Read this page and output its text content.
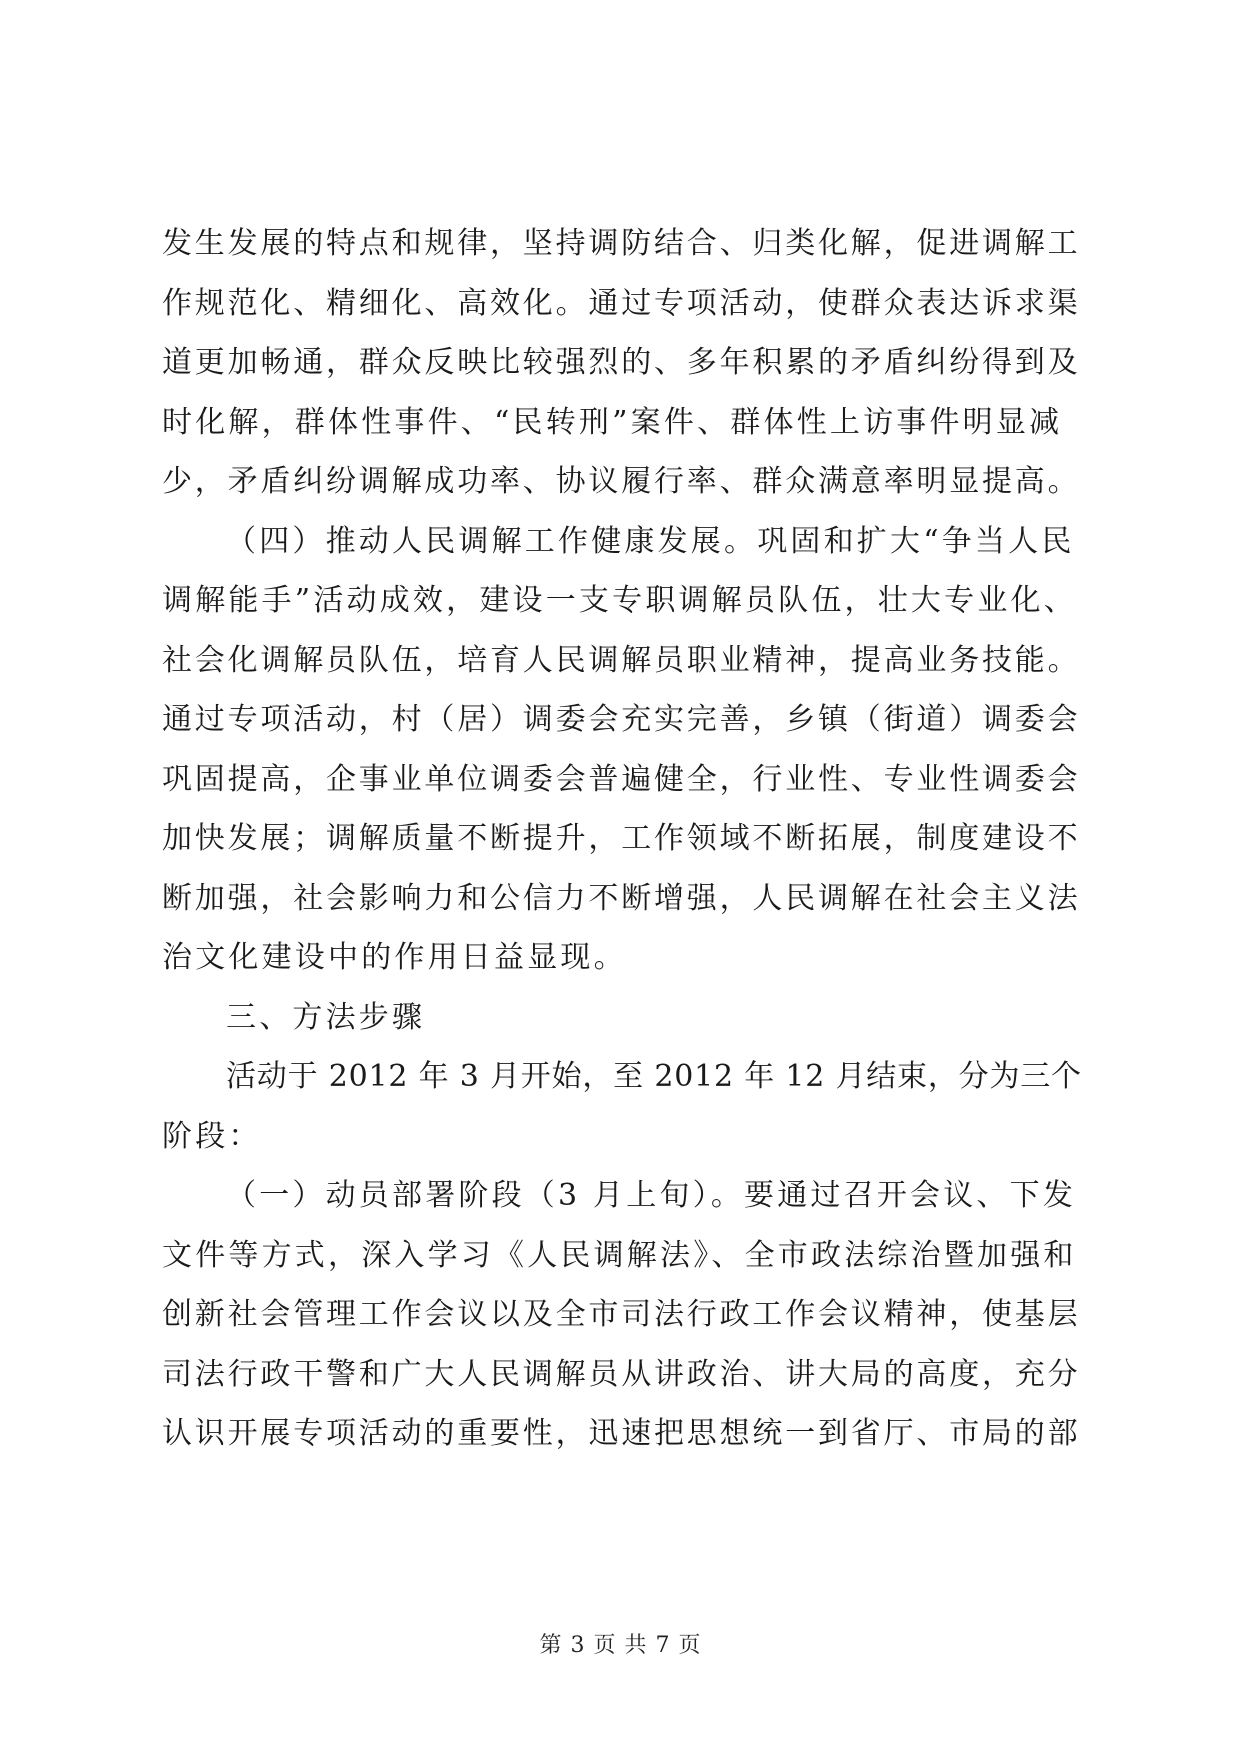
发生发展的特点和规律，坚持调防结合、归类化解，促进调解工
作规范化、精细化、高效化。通过专项活动，使群众表达诉求渠
道更加畅通，群众反映比较强烈的、多年积累的矛盾纠纷得到及
时化解，群体性事件、“民转刑”案件、群体性上访事件明显减
少，矛盾纠纷调解成功率、协议履行率、群众满意率明显提高。
（四）推动人民调解工作健康发展。巩固和扩大“争当人民
调解能手”活动成效，建设一支专职调解员队伍，壮大专业化、
社会化调解员队伍，培育人民调解员职业精神，提高业务技能。
通过专项活动，村（居）调委会充实完善，乡镇（街道）调委会
巩固提高，企事业单位调委会普遍健全，行业性、专业性调委会
加快发展；调解质量不断提升，工作领域不断拓展，制度建设不
断加强，社会影响力和公信力不断增强，人民调解在社会主义法
治文化建设中的作用日益显现。
三、方法步骤
活动于 2012 年 3 月开始，至 2012 年 12 月结束，分为三个
阶段：
（一）动员部署阶段（3 月上旬）。要通过召开会议、下发
文件等方式，深入学习《人民调解法》、全市政法综治暨加强和
创新社会管理工作会议以及全市司法行政工作会议精神，使基层
司法行政干警和广大人民调解员从讲政治、讲大局的高度，充分
认识开展专项活动的重要性，迅速把思想统一到省厅、市局的部
第 3 页 共 7 页
